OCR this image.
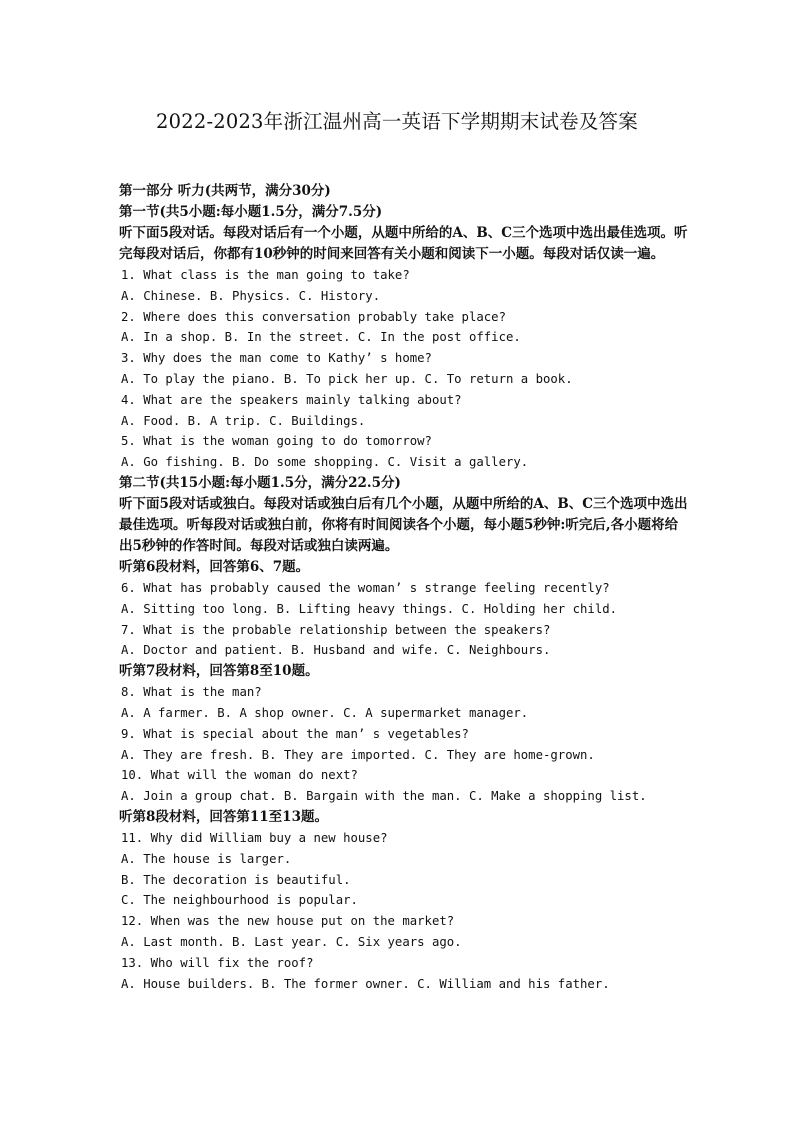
2022-2023年浙江温州高一英语下学期期末试卷及答案
第一部分 听力(共两节，满分30分)
第一节(共5小题:每小题1.5分，满分7.5分)
听下面5段对话。每段对话后有一个小题，从题中所给的A、B、C三个选项中选出最佳选项。听完每段对话后，你都有10秒钟的时间来回答有关小题和阅读下一小题。每段对话仅读一遍。
1. What class is the man going to take?
A. Chinese. B. Physics. C. History.
2. Where does this conversation probably take place?
A. In a shop. B. In the street. C. In the post office.
3. Why does the man come to Kathy’ s home?
A. To play the piano. B. To pick her up. C. To return a book.
4. What are the speakers mainly talking about?
A. Food. B. A trip. C. Buildings.
5. What is the woman going to do tomorrow?
A. Go fishing. B. Do some shopping. C. Visit a gallery.
第二节(共15小题:每小题1.5分，满分22.5分)
听下面5段对话或独白。每段对话或独白后有几个小题，从题中所给的A、B、C三个选项中选出最佳选项。听每段对话或独白前，你将有时间阅读各个小题，每小题5秒钟:听完后,各小题将给出5秒钟的作答时间。每段对话或独白读两遍。
听第6段材料，回答第6、7题。
6. What has probably caused the woman’ s strange feeling recently?
A. Sitting too long. B. Lifting heavy things. C. Holding her child.
7. What is the probable relationship between the speakers?
A. Doctor and patient. B. Husband and wife. C. Neighbours.
听第7段材料，回答第8至10题。
8. What is the man?
A. A farmer. B. A shop owner. C. A supermarket manager.
9. What is special about the man’ s vegetables?
A. They are fresh. B. They are imported. C. They are home-grown.
10. What will the woman do next?
A. Join a group chat. B. Bargain with the man. C. Make a shopping list.
听第8段材料，回答第11至13题。
11. Why did William buy a new house?
A. The house is larger.
B. The decoration is beautiful.
C. The neighbourhood is popular.
12. When was the new house put on the market?
A. Last month. B. Last year. C. Six years ago.
13. Who will fix the roof?
A. House builders. B. The former owner. C. William and his father.
